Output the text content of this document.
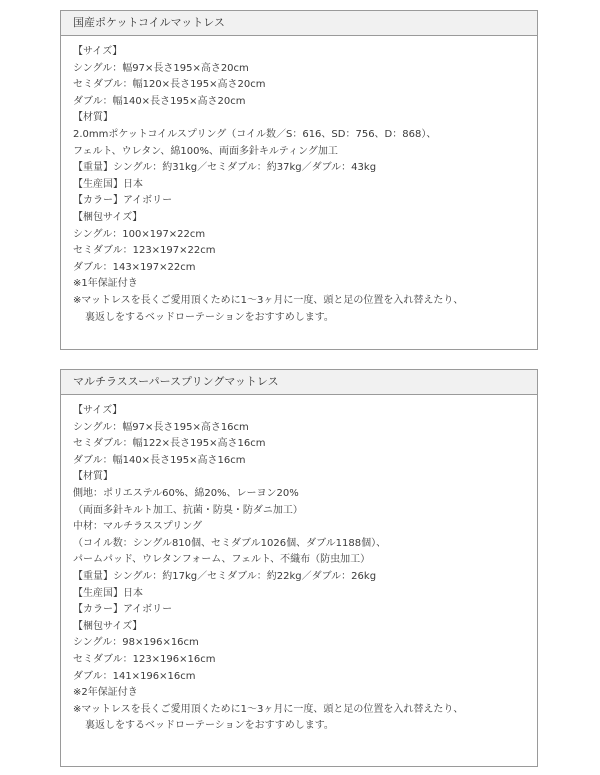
国産ポケットコイルマットレス
【サイズ】
シングル：幅97×長さ195×高さ20cm
セミダブル：幅120×長さ195×高さ20cm
ダブル：幅140×長さ195×高さ20cm
【材質】
2.0mmポケットコイルスプリング（コイル数／S：616、SD：756、D：868）、
フェルト、ウレタン、綿100%、両面多針キルティング加工
【重量】シングル：約31kg／セミダブル：約37kg／ダブル：43kg
【生産国】日本
【カラー】アイボリー
【梱包サイズ】
シングル：100×197×22cm
セミダブル：123×197×22cm
ダブル：143×197×22cm
※1年保証付き
※マットレスを長くご愛用頂くために1～3ヶ月に一度、頭と足の位置を入れ替えたり、
裏返しをするベッドローテーションをおすすめします。
マルチラススーパースプリングマットレス
【サイズ】
シングル：幅97×長さ195×高さ16cm
セミダブル：幅122×長さ195×高さ16cm
ダブル：幅140×長さ195×高さ16cm
【材質】
側地：ポリエステル60%、綿20%、レーヨン20%
（両面多針キルト加工、抗菌・防臭・防ダニ加工）
中材：マルチラススプリング
（コイル数：シングル810個、セミダブル1026個、ダブル1188個）、
パームパッド、ウレタンフォーム、フェルト、不織布（防虫加工）
【重量】シングル：約17kg／セミダブル：約22kg／ダブル：26kg
【生産国】日本
【カラー】アイボリー
【梱包サイズ】
シングル：98×196×16cm
セミダブル：123×196×16cm
ダブル：141×196×16cm
※2年保証付き
※マットレスを長くご愛用頂くために1～3ヶ月に一度、頭と足の位置を入れ替えたり、
裏返しをするベッドローテーションをおすすめします。
